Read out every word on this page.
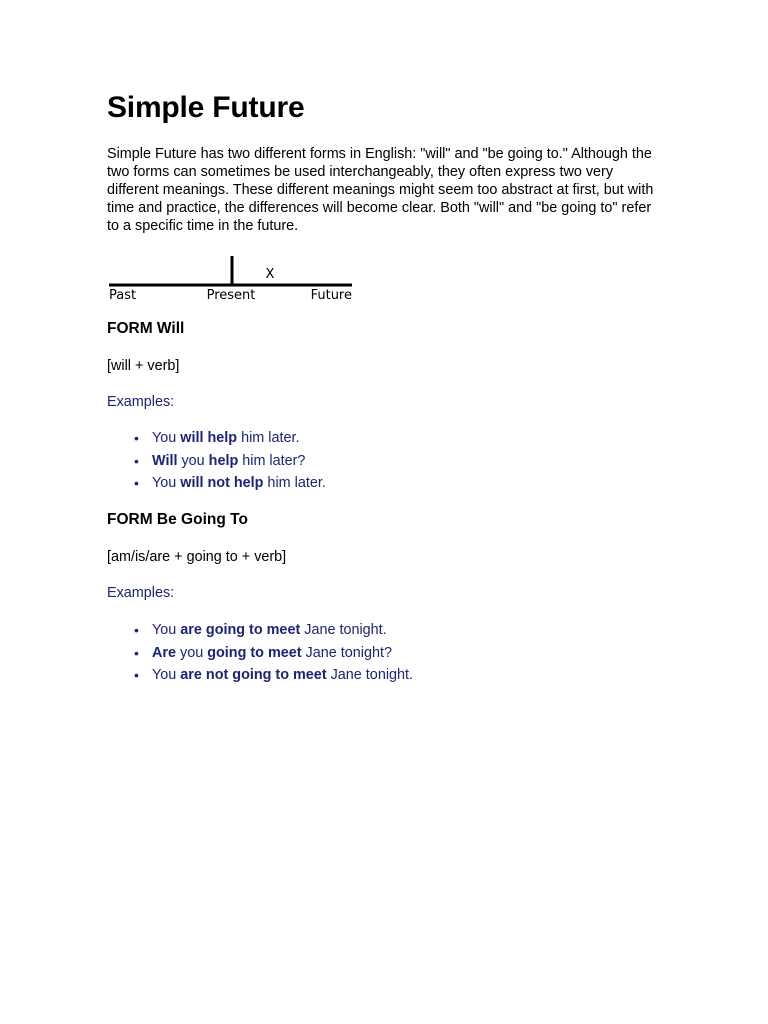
Simple Future

Simple Future has two different forms in English: "will" and "be going to." Although the two forms can sometimes be used interchangeably, they often express two very different meanings. These different meanings might seem too abstract at first, but with time and practice, the differences will become clear. Both "will" and "be going to" refer to a specific time in the future.

X
Past	Present	Future
FORM Will

[will + verb]

Examples:

• You will help him later.
• Will you help him later?
• You will not help him later.
FORM Be Going To

[am/is/are + going to + verb]

Examples:

• You are going to meet Jane tonight.
• Are you going to meet Jane tonight?
• You are not going to meet Jane tonight.
